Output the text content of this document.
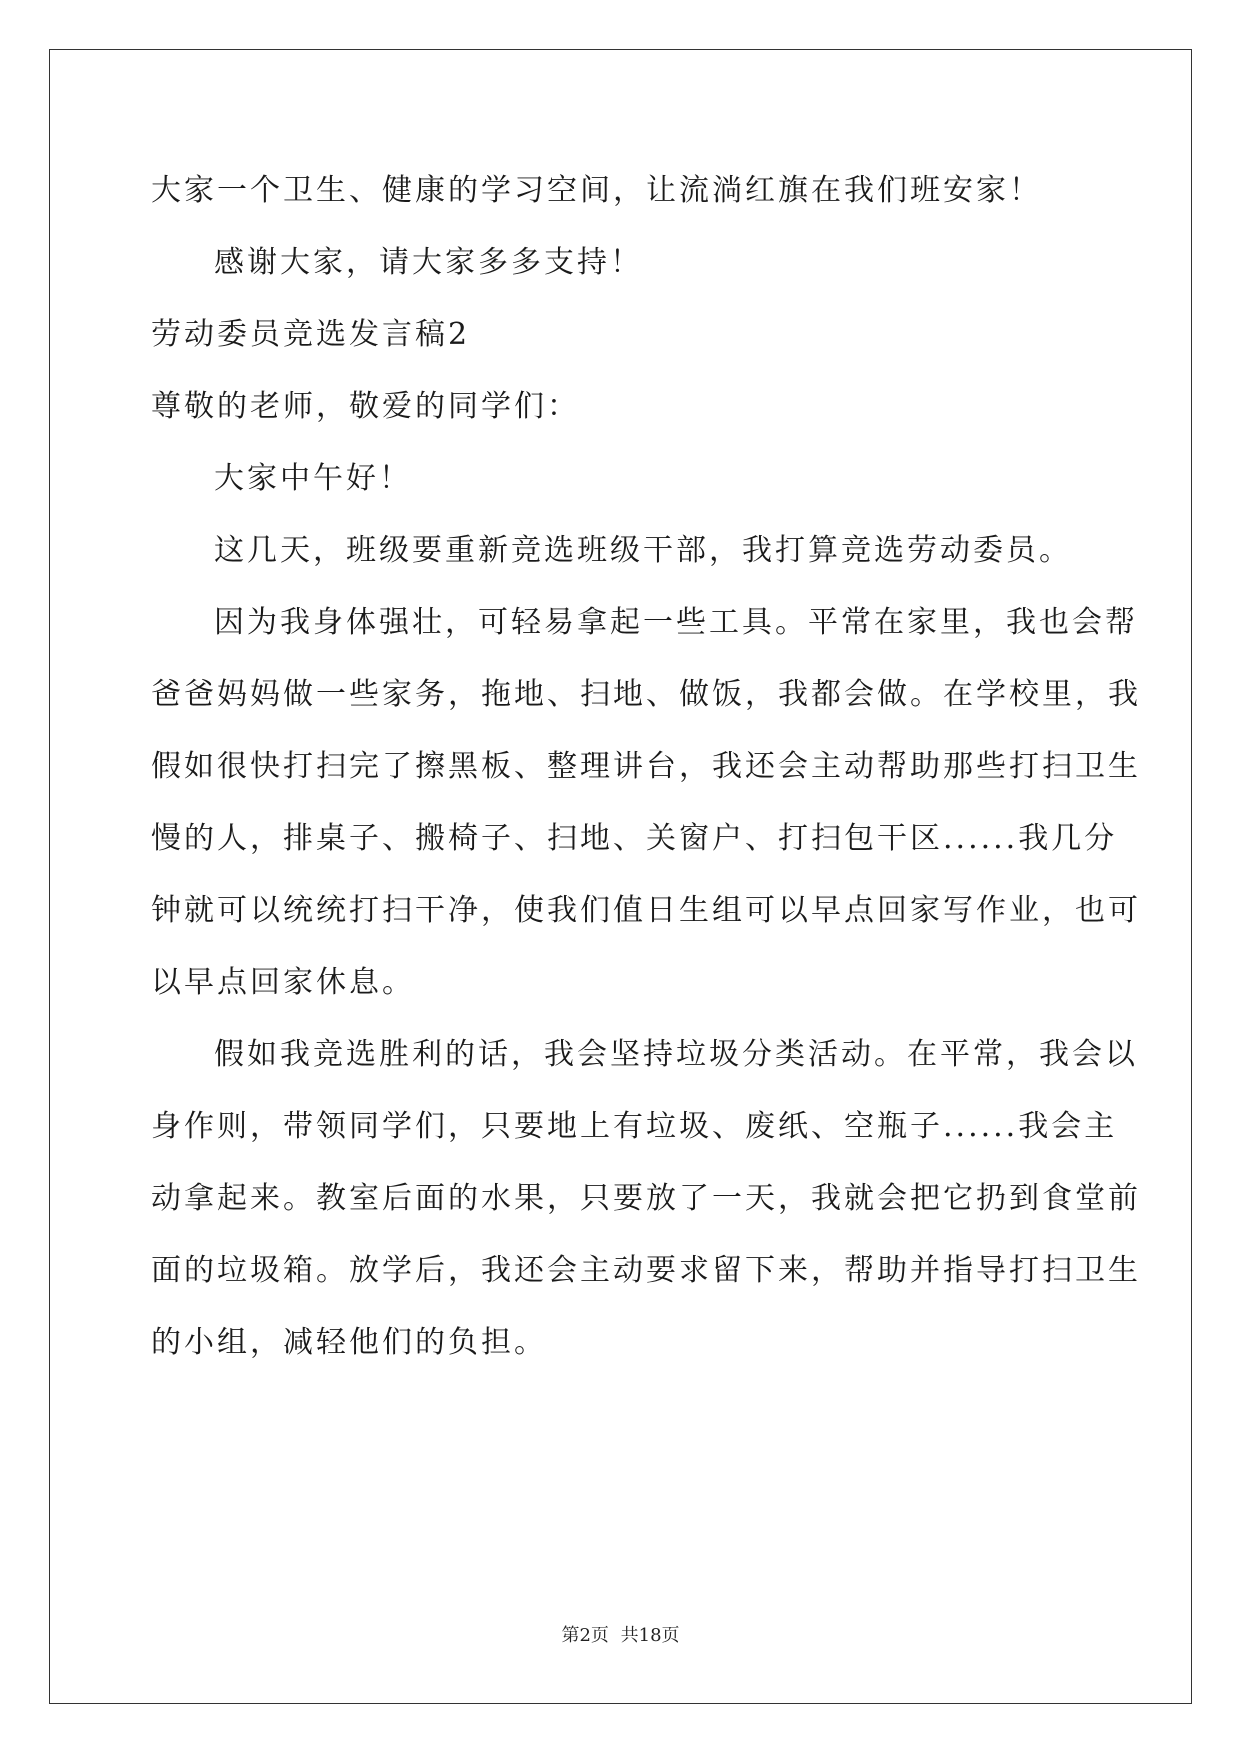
大家一个卫生、健康的学习空间，让流淌红旗在我们班安家！
感谢大家，请大家多多支持！
劳动委员竞选发言稿2
尊敬的老师，敬爱的同学们：
大家中午好！
这几天，班级要重新竞选班级干部，我打算竞选劳动委员。
因为我身体强壮，可轻易拿起一些工具。平常在家里，我也会帮
爸爸妈妈做一些家务，拖地、扫地、做饭，我都会做。在学校里，我
假如很快打扫完了擦黑板、整理讲台，我还会主动帮助那些打扫卫生
慢的人，排桌子、搬椅子、扫地、关窗户、打扫包干区......我几分
钟就可以统统打扫干净，使我们值日生组可以早点回家写作业，也可
以早点回家休息。
假如我竞选胜利的话，我会坚持垃圾分类活动。在平常，我会以
身作则，带领同学们，只要地上有垃圾、废纸、空瓶子......我会主
动拿起来。教室后面的水果，只要放了一天，我就会把它扔到食堂前
面的垃圾箱。放学后，我还会主动要求留下来，帮助并指导打扫卫生
的小组，减轻他们的负担。
第2页 共18页
